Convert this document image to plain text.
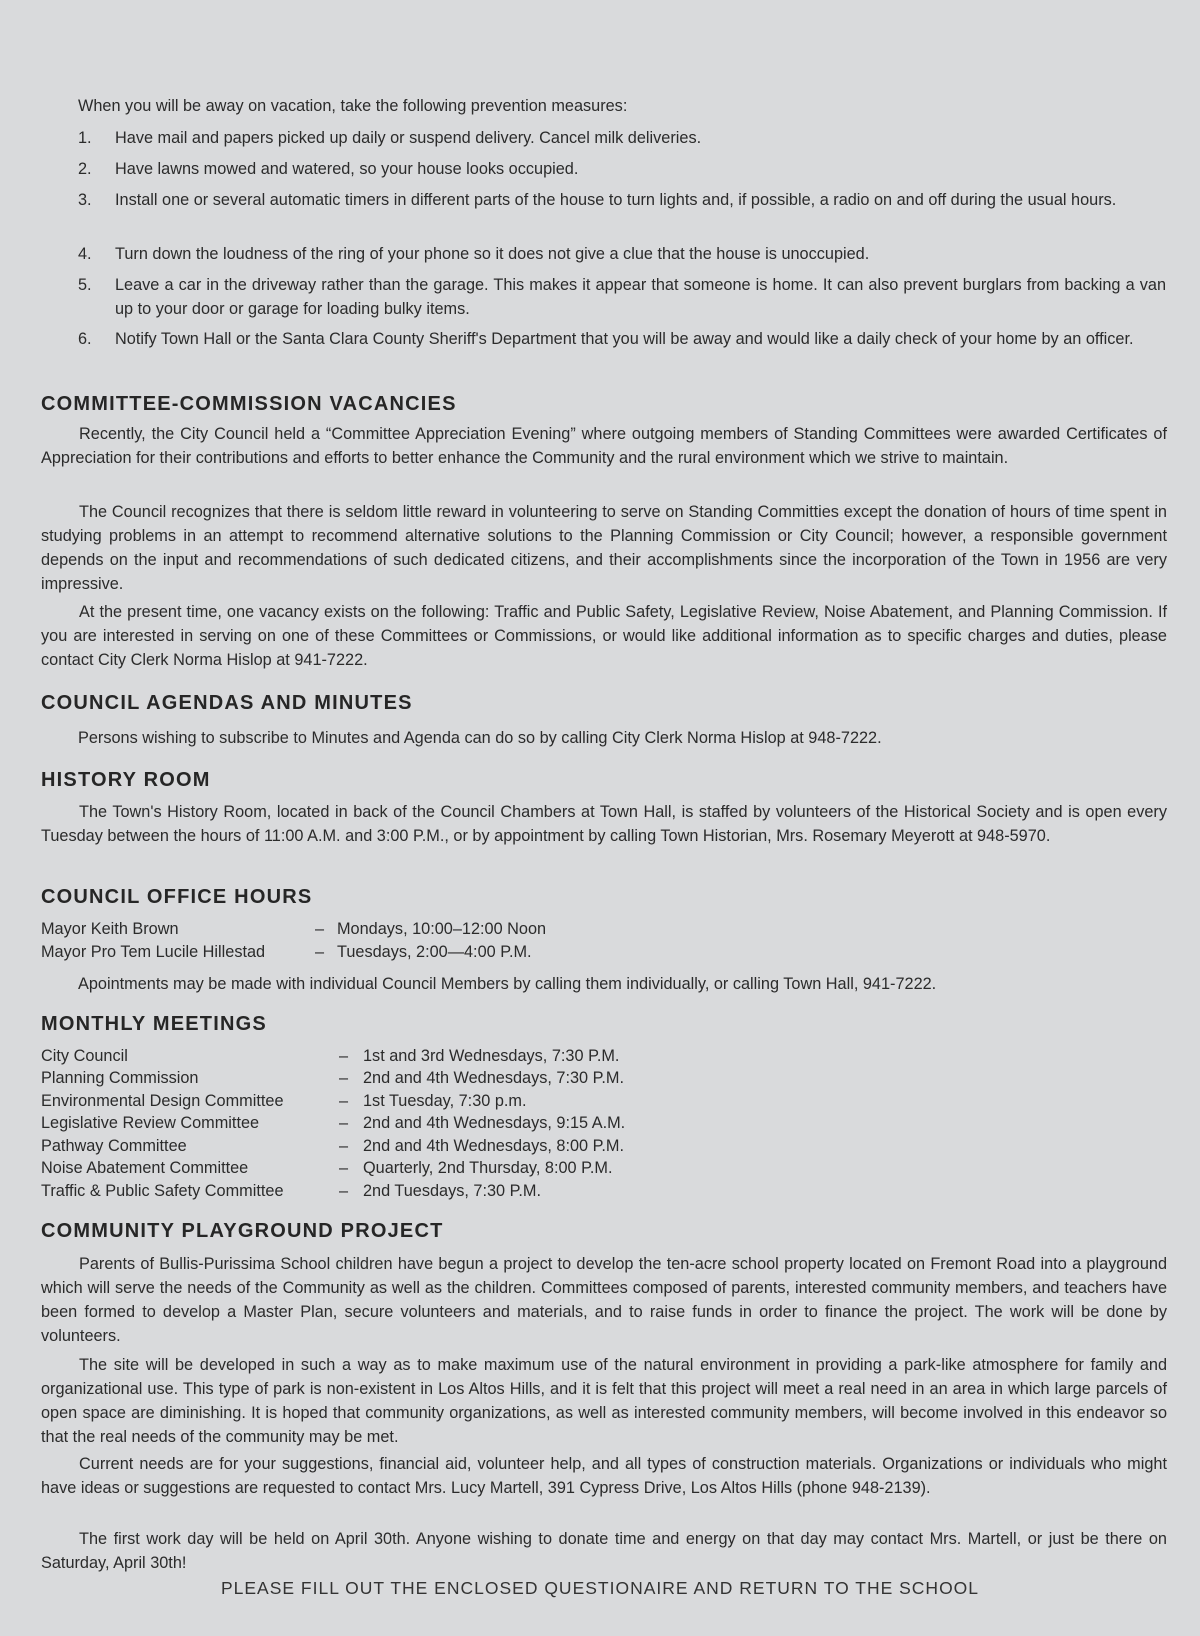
When you will be away on vacation, take the following prevention measures:

1.	Have mail and papers picked up daily or suspend delivery. Cancel milk deliveries.
2.	Have lawns mowed and watered, so your house looks occupied.
3.	Install one or several automatic timers in different parts of the house to turn lights and, if possible, a radio on and off during the usual hours.
4.	Turn down the loudness of the ring of your phone so it does not give a clue that the house is unoccupied.
5.	Leave a car in the driveway rather than the garage. This makes it appear that someone is home. It can also prevent burglars from backing a van up to your door or garage for loading bulky items.
6.	Notify Town Hall or the Santa Clara County Sheriff's Department that you will be away and would like a daily check of your home by an officer.
COMMITTEE-COMMISSION VACANCIES

Recently, the City Council held a “Committee Appreciation Evening” where outgoing members of Standing Committees were awarded Certificates of Appreciation for their contributions and efforts to better enhance the Community and the rural environment which we strive to maintain.

The Council recognizes that there is seldom little reward in volunteering to serve on Standing Committies except the donation of hours of time spent in studying problems in an attempt to recommend alternative solutions to the Planning Commission or City Council; however, a responsible government depends on the input and recommendations of such dedicated citizens, and their accomplishments since the incorporation of the Town in 1956 are very impressive.

At the present time, one vacancy exists on the following: Traffic and Public Safety, Legislative Review, Noise Abatement, and Planning Commission. If you are interested in serving on one of these Committees or Commissions, or would like additional information as to specific charges and duties, please contact City Clerk Norma Hislop at 941-7222.

COUNCIL AGENDAS AND MINUTES

Persons wishing to subscribe to Minutes and Agenda can do so by calling City Clerk Norma Hislop at 948-7222.

HISTORY ROOM

The Town's History Room, located in back of the Council Chambers at Town Hall, is staffed by volunteers of the Historical Society and is open every Tuesday between the hours of 11:00 A.M. and 3:00 P.M., or by appointment by calling Town Historian, Mrs. Rosemary Meyerott at 948-5970.

COUNCIL OFFICE HOURS
Mayor Keith Brown	– Mondays, 10:00–12:00 Noon
Mayor Pro Tem Lucile Hillestad	– Tuesdays, 2:00—4:00 P.M.

Apointments may be made with individual Council Members by calling them individually, or calling Town Hall, 941-7222.

MONTHLY MEETINGS
City Council	– 1st and 3rd Wednesdays, 7:30 P.M.
Planning Commission	– 2nd and 4th Wednesdays, 7:30 P.M.
Environmental Design Committee	– 1st Tuesday, 7:30 p.m.
Legislative Review Committee	– 2nd and 4th Wednesdays, 9:15 A.M.
Pathway Committee	– 2nd and 4th Wednesdays, 8:00 P.M.
Noise Abatement Committee	– Quarterly, 2nd Thursday, 8:00 P.M.
Traffic & Public Safety Committee	– 2nd Tuesdays, 7:30 P.M.
COMMUNITY PLAYGROUND PROJECT

Parents of Bullis-Purissima School children have begun a project to develop the ten-acre school property located on Fremont Road into a playground which will serve the needs of the Community as well as the children. Committees composed of parents, interested community members, and teachers have been formed to develop a Master Plan, secure volunteers and materials, and to raise funds in order to finance the project. The work will be done by volunteers.

The site will be developed in such a way as to make maximum use of the natural environment in providing a park-like atmosphere for family and organizational use. This type of park is non-existent in Los Altos Hills, and it is felt that this project will meet a real need in an area in which large parcels of open space are diminishing. It is hoped that community organizations, as well as interested community members, will become involved in this endeavor so that the real needs of the community may be met.

Current needs are for your suggestions, financial aid, volunteer help, and all types of construction materials. Organizations or individuals who might have ideas or suggestions are requested to contact Mrs. Lucy Martell, 391 Cypress Drive, Los Altos Hills (phone 948-2139).

The first work day will be held on April 30th. Anyone wishing to donate time and energy on that day may contact Mrs. Martell, or just be there on Saturday, April 30th!

PLEASE FILL OUT THE ENCLOSED QUESTIONAIRE AND RETURN TO THE SCHOOL
